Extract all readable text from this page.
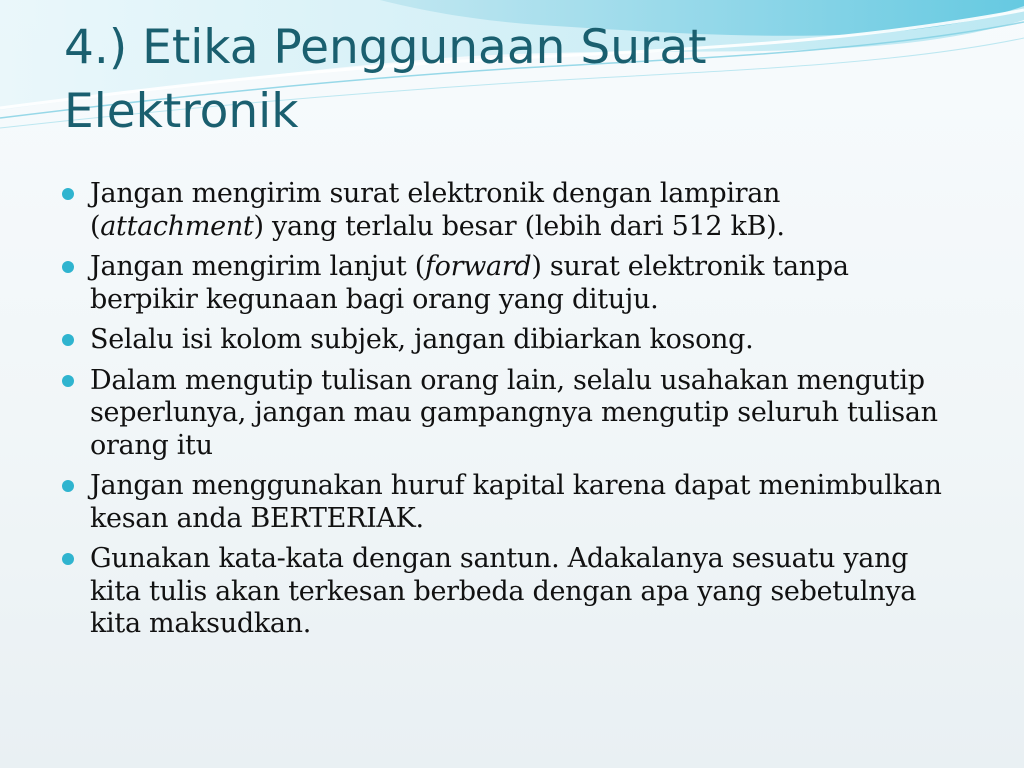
4.) Etika Penggunaan Surat
Elektronik
Jangan mengirim surat elektronik dengan lampiran (attachment) yang terlalu besar (lebih dari 512 kB).
Jangan mengirim lanjut (forward) surat elektronik tanpa berpikir kegunaan bagi orang yang dituju.
Selalu isi kolom subjek, jangan dibiarkan kosong.
Dalam mengutip tulisan orang lain, selalu usahakan mengutip seperlunya, jangan mau gampangnya mengutip seluruh tulisan orang itu
Jangan menggunakan huruf kapital karena dapat menimbulkan kesan anda BERTERIAK.
Gunakan kata-kata dengan santun. Adakalanya sesuatu yang kita tulis akan terkesan berbeda dengan apa yang sebetulnya kita maksudkan.
